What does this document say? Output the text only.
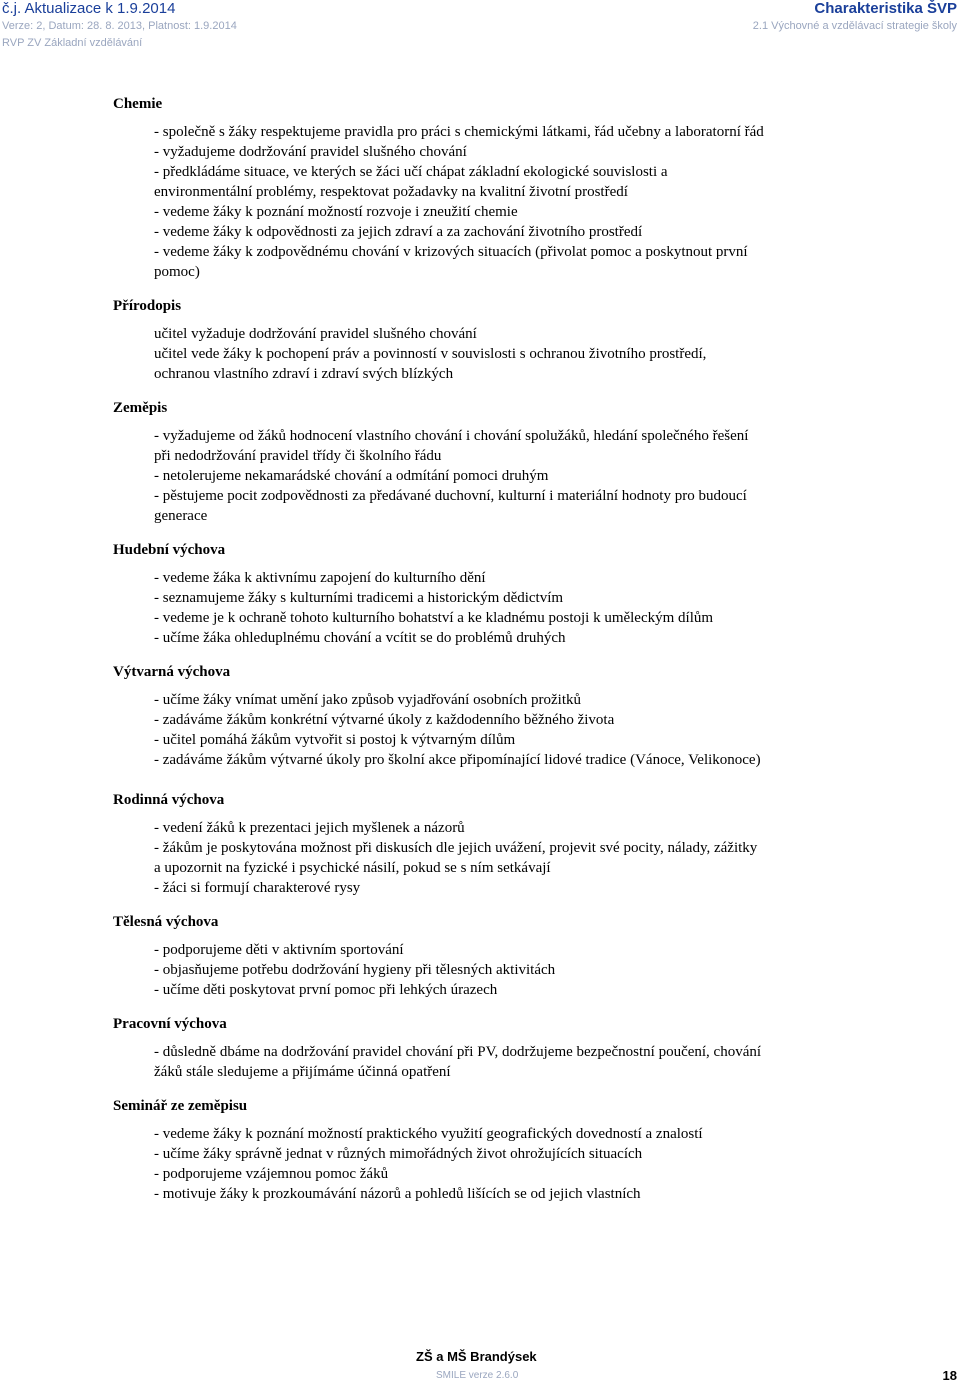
č.j. Aktualizace k 1.9.2014
Verze: 2, Datum: 28. 8. 2013, Platnost: 1.9.2014
RVP ZV Základní vzdělávání
Charakteristika ŠVP
2.1 Výchovné a vzdělávací strategie školy
Chemie
- společně s žáky respektujeme pravidla pro práci s chemickými látkami, řád učebny a laboratorní řád
- vyžadujeme dodržování pravidel slušného chování
- předkládáme situace, ve kterých se žáci učí chápat základní ekologické souvislosti a
environmentální problémy, respektovat požadavky na kvalitní životní prostředí
- vedeme žáky k poznání možností rozvoje i zneužití chemie
- vedeme žáky k odpovědnosti za jejich zdraví a za zachování životního prostředí
- vedeme žáky k zodpovědnému chování v krizových situacích (přivolat pomoc a poskytnout první
pomoc)
Přírodopis
učitel vyžaduje dodržování pravidel slušného chování
učitel vede žáky k pochopení práv a povinností v souvislosti s ochranou životního prostředí,
ochranou vlastního zdraví i zdraví svých blízkých
Zeměpis
- vyžadujeme od žáků hodnocení vlastního chování i chování spolužáků, hledání společného řešení
při nedodržování pravidel třídy či školního řádu
- netolerujeme nekamarádské chování a odmítání pomoci druhým
- pěstujeme pocit zodpovědnosti za předávané duchovní, kulturní i materiální hodnoty pro budoucí
generace
Hudební výchova
- vedeme žáka k aktivnímu zapojení do kulturního dění
- seznamujeme žáky s kulturními tradicemi a historickým dědictvím
- vedeme je k ochraně tohoto kulturního bohatství a ke kladnému postoji k uměleckým dílům
- učíme žáka ohleduplnému chování a vcítit se do problémů druhých
Výtvarná výchova
- učíme žáky vnímat umění jako způsob vyjadřování osobních prožitků
- zadáváme žákům konkrétní výtvarné úkoly z každodenního běžného života
- učitel pomáhá žákům vytvořit si postoj k výtvarným dílům
- zadáváme žákům výtvarné úkoly pro školní akce připomínající lidové tradice (Vánoce, Velikonoce)
Rodinná výchova
- vedení žáků k prezentaci jejich myšlenek a názorů
- žákům je poskytována možnost při diskusích dle jejich uvážení, projevit své pocity, nálady, zážitky
a upozornit na fyzické i psychické násilí, pokud se s ním setkávají
- žáci si formují charakterové rysy
Tělesná výchova
- podporujeme děti v aktivním sportování
- objasňujeme potřebu dodržování hygieny při tělesných aktivitách
- učíme děti poskytovat první pomoc při lehkých úrazech
Pracovní výchova
- důsledně dbáme na dodržování pravidel chování při PV, dodržujeme bezpečnostní poučení, chování
žáků stále sledujeme a přijímáme účinná opatření
Seminář ze zeměpisu
- vedeme žáky k poznání možností praktického využití geografických dovedností a znalostí
- učíme žáky správně jednat v různých mimořádných život ohrožujících situacích
- podporujeme vzájemnou pomoc žáků
- motivuje žáky k prozkoumávání názorů a pohledů lišících se od jejich vlastních
ZŠ a MŠ Brandýsek
SMILE verze 2.6.0	18
